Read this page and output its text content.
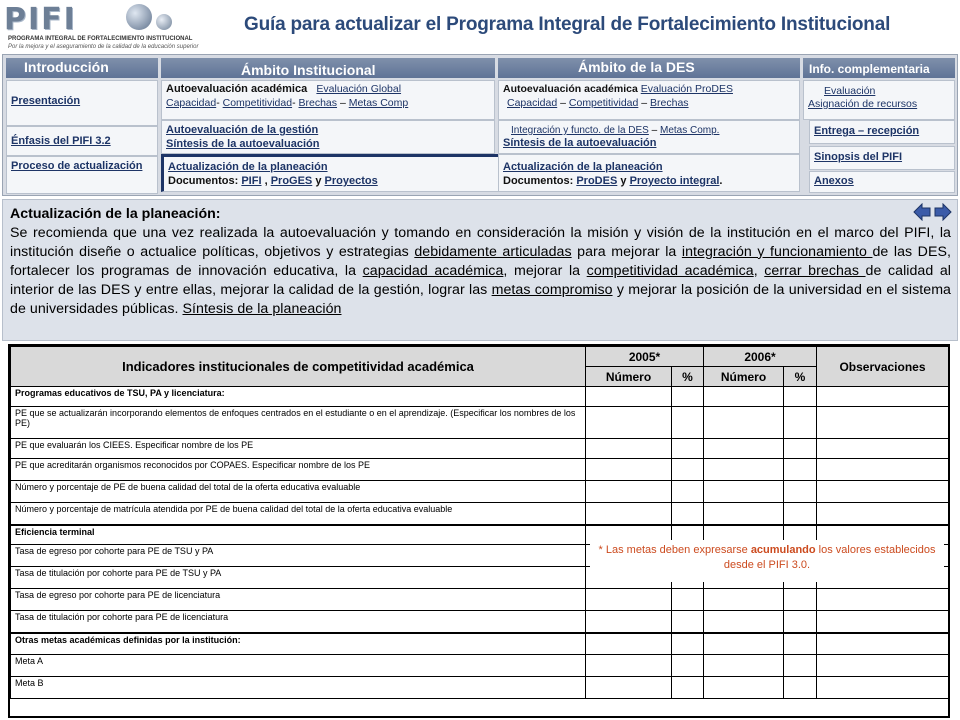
PIFI
PROGRAMA INTEGRAL DE FORTALECIMIENTO INSTITUCIONAL
Por la mejora y el aseguramiento de la calidad de la educación superior
Guía para actualizar el Programa Integral de Fortalecimiento Institucional
Introducción	Ámbito Institucional	Ámbito de la DES	Info. complementaria
Presentación
Énfasis del PIFI 3.2
Proceso de actualización
Autoevaluación académica Evaluación Global
Capacidad- Competitividad- Brechas – Metas Comp
Autoevaluación de la gestión
Síntesis de la autoevaluación
Actualización de la planeación
Documentos: PIFI , ProGES y Proyectos
Autoevaluación académica Evaluación ProDES
Capacidad – Competitividad – Brechas
Integración y functo. de la DES – Metas Comp.
Síntesis de la autoevaluación
Actualización de la planeación
Documentos: ProDES y Proyecto integral.
Evaluación
Asignación de recursos
Entrega – recepción
Sinopsis del PIFI
Anexos
Actualización de la planeación:
Se recomienda que una vez realizada la autoevaluación y tomando en consideración la misión y visión de la institución en el marco del PIFI, la institución diseñe o actualice políticas, objetivos y estrategias debidamente articuladas para mejorar la integración y funcionamiento de las DES, fortalecer los programas de innovación educativa, la capacidad académica, mejorar la competitividad académica, cerrar brechas de calidad al interior de las DES y entre ellas, mejorar la calidad de la gestión, lograr las metas compromiso y mejorar la posición de la universidad en el sistema de universidades públicas. Síntesis de la planeación
Indicadores institucionales de competitividad académica	2005*		2006*		Observaciones
	Número	%	Número	%	
Programas educativos de TSU, PA y licenciatura:					
PE que se actualizarán incorporando elementos de enfoques centrados en el estudiante o en el aprendizaje. (Especificar los nombres de los PE)					
PE que evaluarán los CIEES. Especificar nombre de los PE					
PE que acreditarán organismos reconocidos por COPAES. Especificar nombre de los PE					
Número y porcentaje de PE de buena calidad del total de la oferta educativa evaluable					
Número y porcentaje de matrícula atendida por PE de buena calidad del total de la oferta educativa evaluable					
Eficiencia terminal					
Tasa de egreso por cohorte para PE de TSU y PA					
Tasa de titulación por cohorte para PE de TSU y PA					
Tasa de egreso por cohorte para PE de licenciatura					
Tasa de titulación por cohorte para PE de licenciatura					
Otras metas académicas definidas por la institución:					
Meta A					
Meta B					
* Las metas deben expresarse acumulando los valores establecidos desde el PIFI 3.0.
